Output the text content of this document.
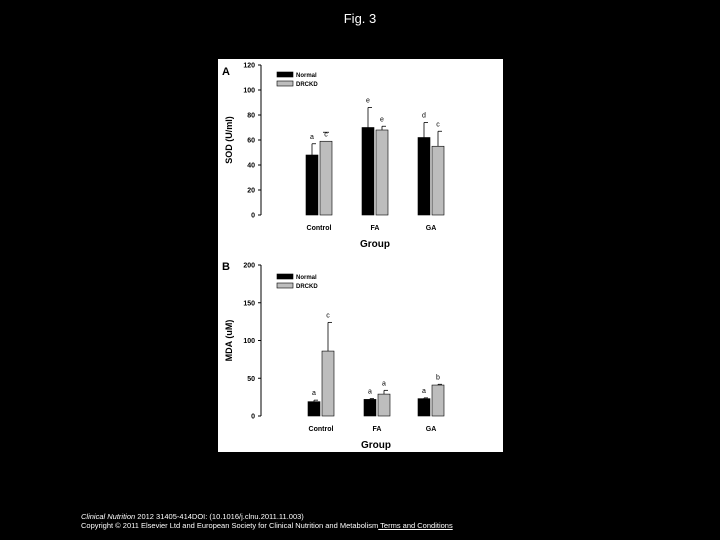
Fig. 3
A
0
20
40
60
80
100
120
SOD (U/ml)	a c
Control
e
e
FA
d
c
GA
Group
Normal
DRCKD
B
0
50
100
150
200
MDA (uM)
a
c
Control
a
a
FA
a
b
GA
Group
Normal
DRCKD
Clinical Nutrition 2012 31405-414DOI: (10.1016/j.clnu.2011.11.003)
Copyright © 2011 Elsevier Ltd and European Society for Clinical Nutrition and Metabolism Terms and Conditions
